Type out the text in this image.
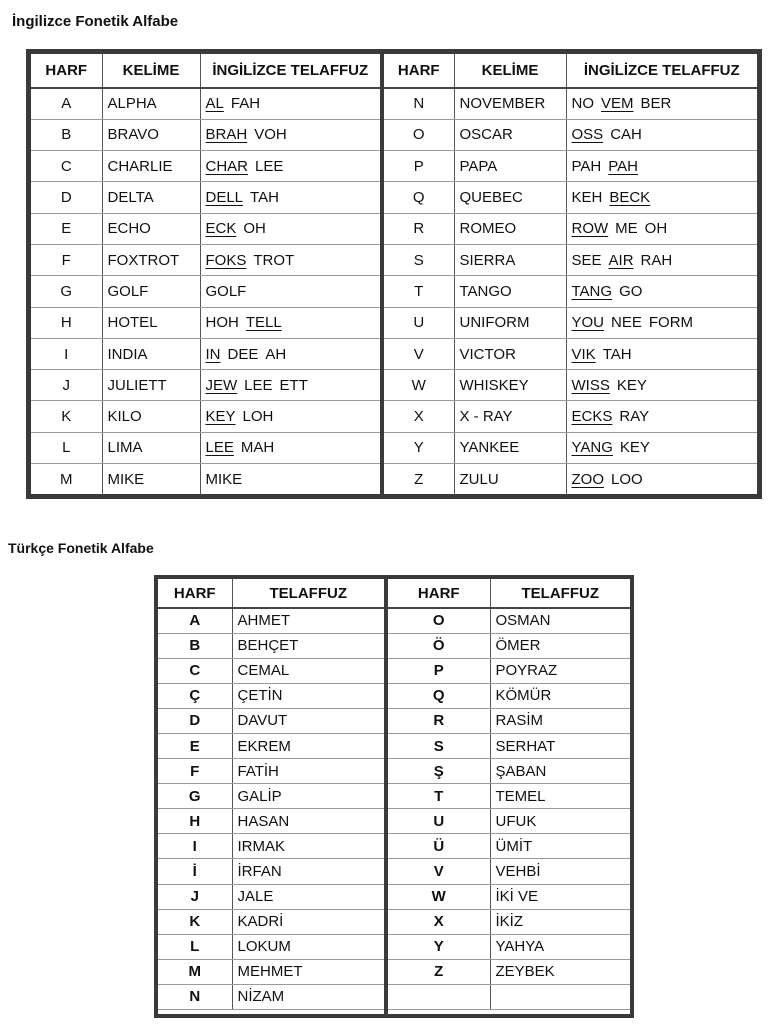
İngilizce Fonetik Alfabe
HARF	KELİME	İNGİLİZCE TELAFFUZ
A	ALPHA	AL FAH
B	BRAVO	BRAH VOH
C	CHARLIE	CHAR LEE
D	DELTA	DELL TAH
E	ECHO	ECK OH
F	FOXTROT	FOKS TROT
G	GOLF	GOLF
H	HOTEL	HOH TELL
I	INDIA	IN DEE AH
J	JULIETT	JEW LEE ETT
K	KILO	KEY LOH
L	LIMA	LEE MAH
M	MIKE	MIKE
HARF	KELİME	İNGİLİZCE TELAFFUZ
N	NOVEMBER	NO VEM BER
O	OSCAR	OSS CAH
P	PAPA	PAH PAH
Q	QUEBEC	KEH BECK
R	ROMEO	ROW ME OH
S	SIERRA	SEE AIR RAH
T	TANGO	TANG GO
U	UNIFORM	YOU NEE FORM
V	VICTOR	VIK TAH
W	WHISKEY	WISS KEY
X	X - RAY	ECKS RAY
Y	YANKEE	YANG KEY
Z	ZULU	ZOO LOO
Türkçe Fonetik Alfabe
HARF	TELAFFUZ
A	AHMET
B	BEHÇET
C	CEMAL
Ç	ÇETİN
D	DAVUT
E	EKREM
F	FATİH
G	GALİP
H	HASAN
I	IRMAK
İ	İRFAN
J	JALE
K	KADRİ
L	LOKUM
M	MEHMET
N	NİZAM
HARF	TELAFFUZ
O	OSMAN
Ö	ÖMER
P	POYRAZ
Q	KÖMÜR
R	RASİM
S	SERHAT
Ş	ŞABAN
T	TEMEL
U	UFUK
Ü	ÜMİT
V	VEHBİ
W	İKİ VE
X	İKİZ
Y	YAHYA
Z	ZEYBEK
